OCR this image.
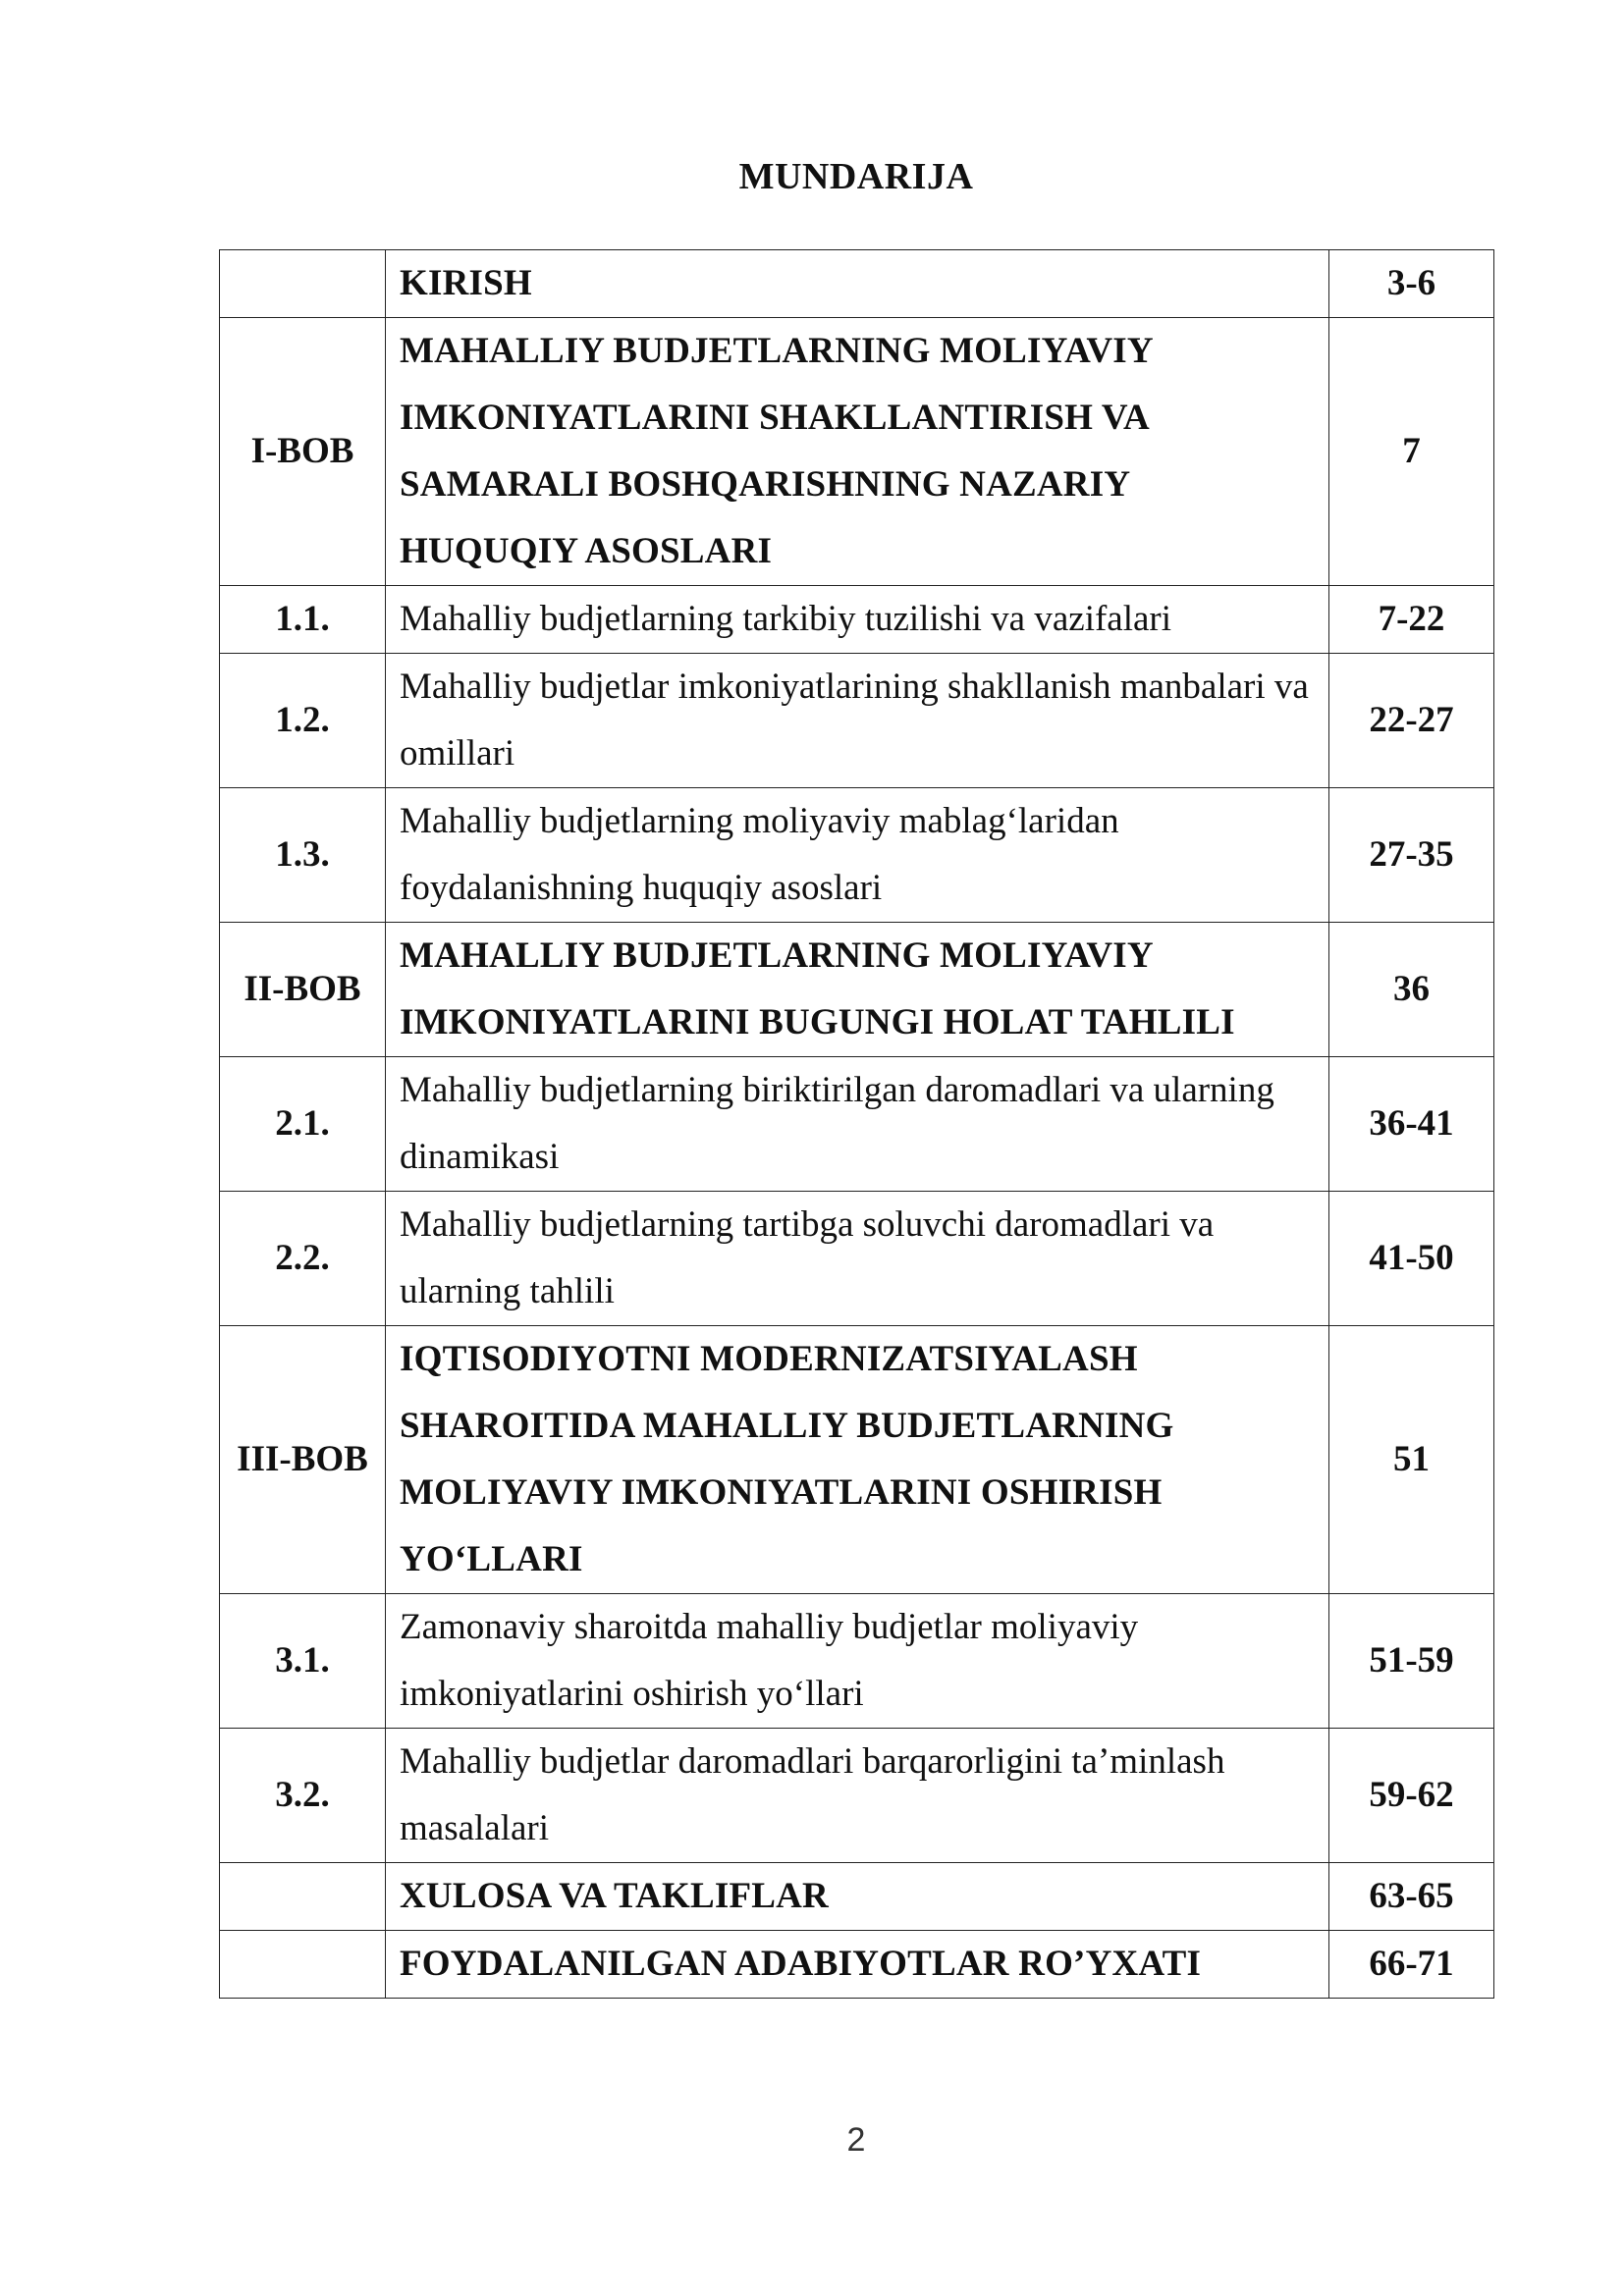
MUNDARIJA
	KIRISH	3-6
I-BOB	MAHALLIY BUDJETLARNING MOLIYAVIY IMKONIYATLARINI SHAKLLANTIRISH VA SAMARALI BOSHQARISHNING NAZARIY HUQUQIY ASOSLARI	7
1.1.	Mahalliy budjetlarning tarkibiy tuzilishi va vazifalari	7-22
1.2.	Mahalliy budjetlar imkoniyatlarining shakllanish manbalari va omillari	22-27
1.3.	Mahalliy budjetlarning moliyaviy mablag‘laridan foydalanishning huquqiy asoslari	27-35
II-BOB	MAHALLIY BUDJETLARNING MOLIYAVIY IMKONIYATLARINI BUGUNGI HOLAT TAHLILI	36
2.1.	Mahalliy budjetlarning biriktirilgan daromadlari va ularning dinamikasi	36-41
2.2.	Mahalliy budjetlarning tartibga soluvchi daromadlari va ularning tahlili	41-50
III-BOB	IQTISODIYOTNI MODERNIZATSIYALASH SHAROITIDA MAHALLIY BUDJETLARNING MOLIYAVIY IMKONIYATLARINI OSHIRISH YO‘LLARI	51
3.1.	Zamonaviy sharoitda mahalliy budjetlar moliyaviy imkoniyatlarini oshirish yo‘llari	51-59
3.2.	Mahalliy budjetlar daromadlari barqarorligini ta’minlash masalalari	59-62
	XULOSA VA TAKLIFLAR	63-65
	FOYDALANILGAN ADABIYOTLAR RO’YXATI	66-71
2
